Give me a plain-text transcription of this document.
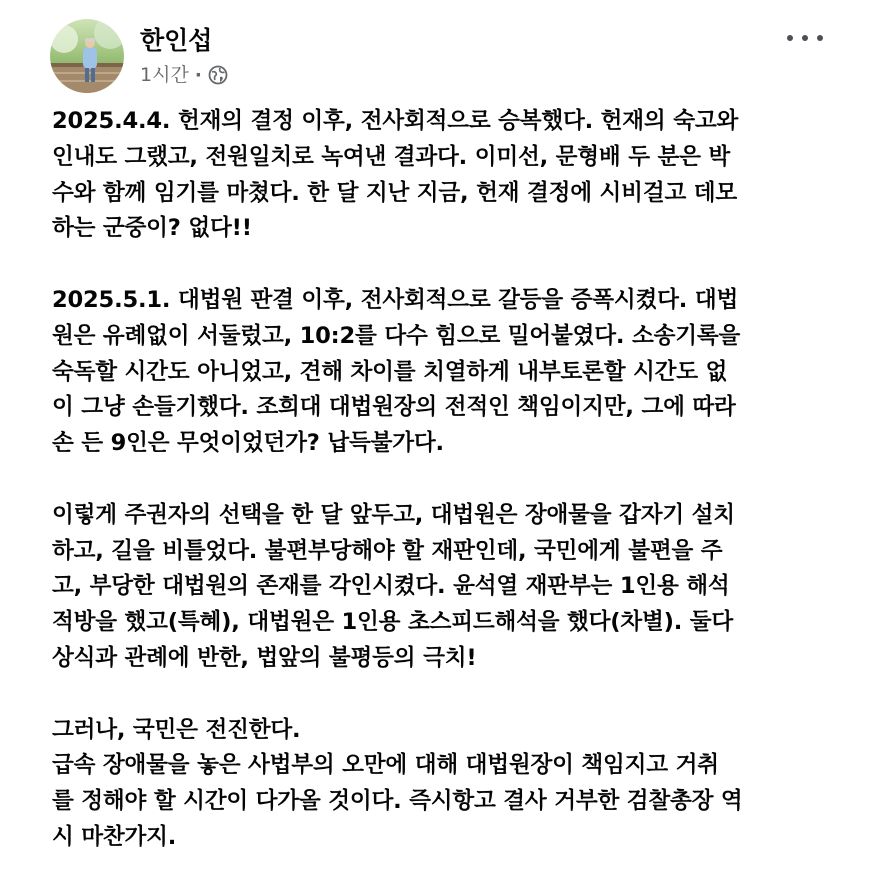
한인섭
1시간 ·
2025.4.4. 헌재의 결정 이후, 전사회적으로 승복했다. 헌재의 숙고와
인내도 그랬고, 전원일치로 녹여낸 결과다. 이미선, 문형배 두 분은 박
수와 함께 임기를 마쳤다. 한 달 지난 지금, 헌재 결정에 시비걸고 데모
하는 군중이? 없다!!
2025.5.1. 대법원 판결 이후, 전사회적으로 갈등을 증폭시켰다. 대법
원은 유례없이 서둘렀고, 10:2를 다수 힘으로 밀어붙였다. 소송기록을
숙독할 시간도 아니었고, 견해 차이를 치열하게 내부토론할 시간도 없
이 그냥 손들기했다. 조희대 대법원장의 전적인 책임이지만, 그에 따라
손 든 9인은 무엇이었던가? 납득불가다.
이렇게 주권자의 선택을 한 달 앞두고, 대법원은 장애물을 갑자기 설치
하고, 길을 비틀었다. 불편부당해야 할 재판인데, 국민에게 불편을 주
고, 부당한 대법원의 존재를 각인시켰다. 윤석열 재판부는 1인용 해석
적방을 했고(특혜), 대법원은 1인용 초스피드해석을 했다(차별). 둘다
상식과 관례에 반한, 법앞의 불평등의 극치!
그러나, 국민은 전진한다.
급속 장애물을 놓은 사법부의 오만에 대해 대법원장이 책임지고 거취
를 정해야 할 시간이 다가올 것이다. 즉시항고 결사 거부한 검찰총장 역
시 마찬가지.
